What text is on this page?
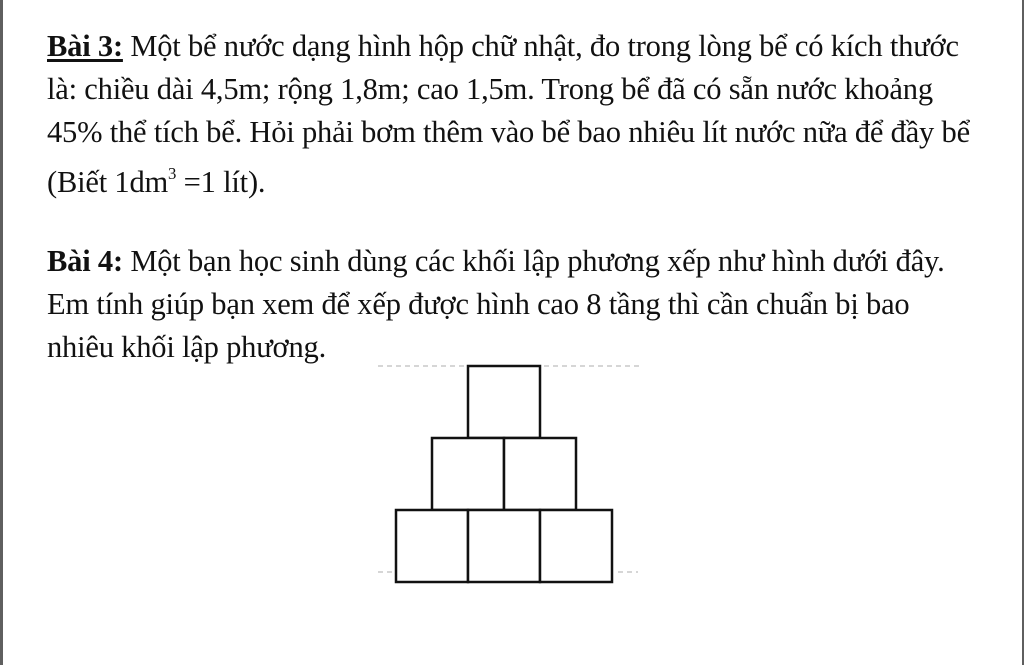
Bài 3: Một bể nước dạng hình hộp chữ nhật, đo trong lòng bể có kích thước là: chiều dài 4,5m; rộng 1,8m; cao 1,5m. Trong bể đã có sẵn nước khoảng 45% thể tích bể. Hỏi phải bơm thêm vào bể bao nhiêu lít nước nữa để đầy bể (Biết $1dm^3 =1$ lít).

Bài 4: Một bạn học sinh dùng các khối lập phương xếp như hình dưới đây. Em tính giúp bạn xem để xếp được hình cao 8 tầng thì cần chuẩn bị bao nhiêu khối lập phương.
